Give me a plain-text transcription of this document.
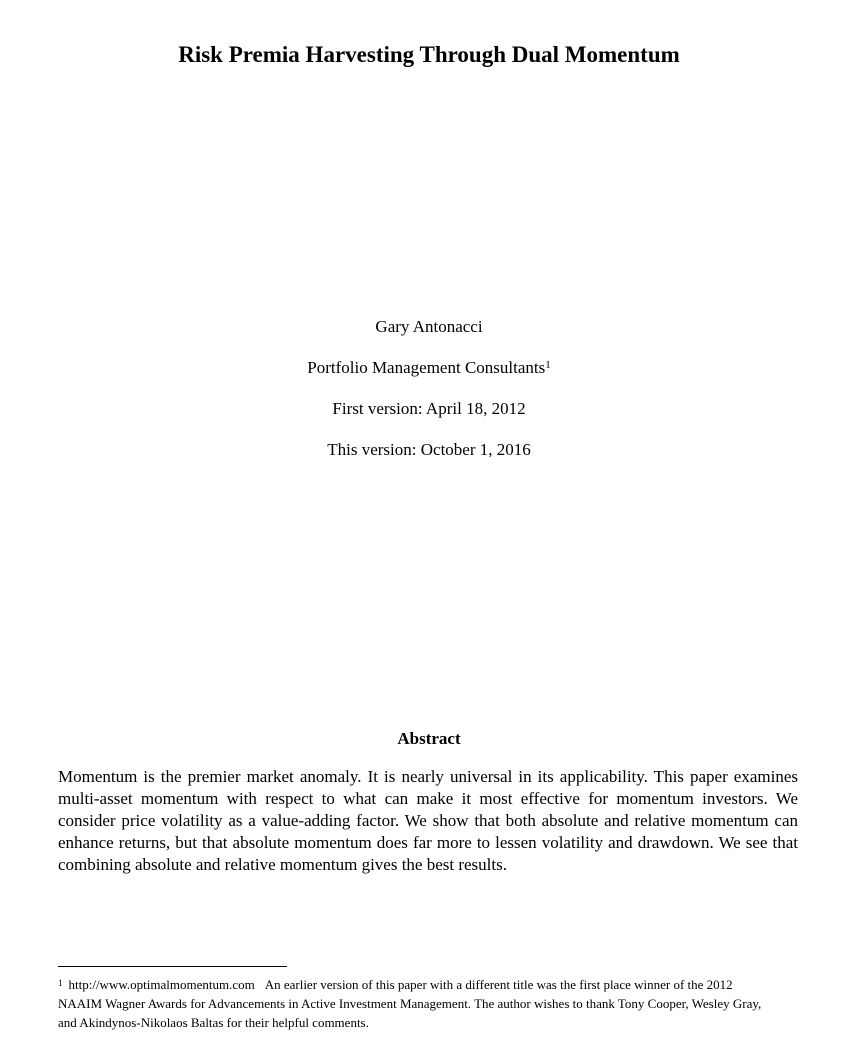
Risk Premia Harvesting Through Dual Momentum
Gary Antonacci
Portfolio Management Consultants$^1$
First version: April 18, 2012
This version: October 1, 2016
Abstract
Momentum is the premier market anomaly. It is nearly universal in its applicability. This paper examines multi-asset momentum with respect to what can make it most effective for momentum investors. We consider price volatility as a value-adding factor. We show that both absolute and relative momentum can enhance returns, but that absolute momentum does far more to lessen volatility and drawdown. We see that combining absolute and relative momentum gives the best results.
$^1$ http://www.optimalmomentum.com An earlier version of this paper with a different title was the first place winner of the 2012 NAAIM Wagner Awards for Advancements in Active Investment Management. The author wishes to thank Tony Cooper, Wesley Gray, and Akindynos-Nikolaos Baltas for their helpful comments.
